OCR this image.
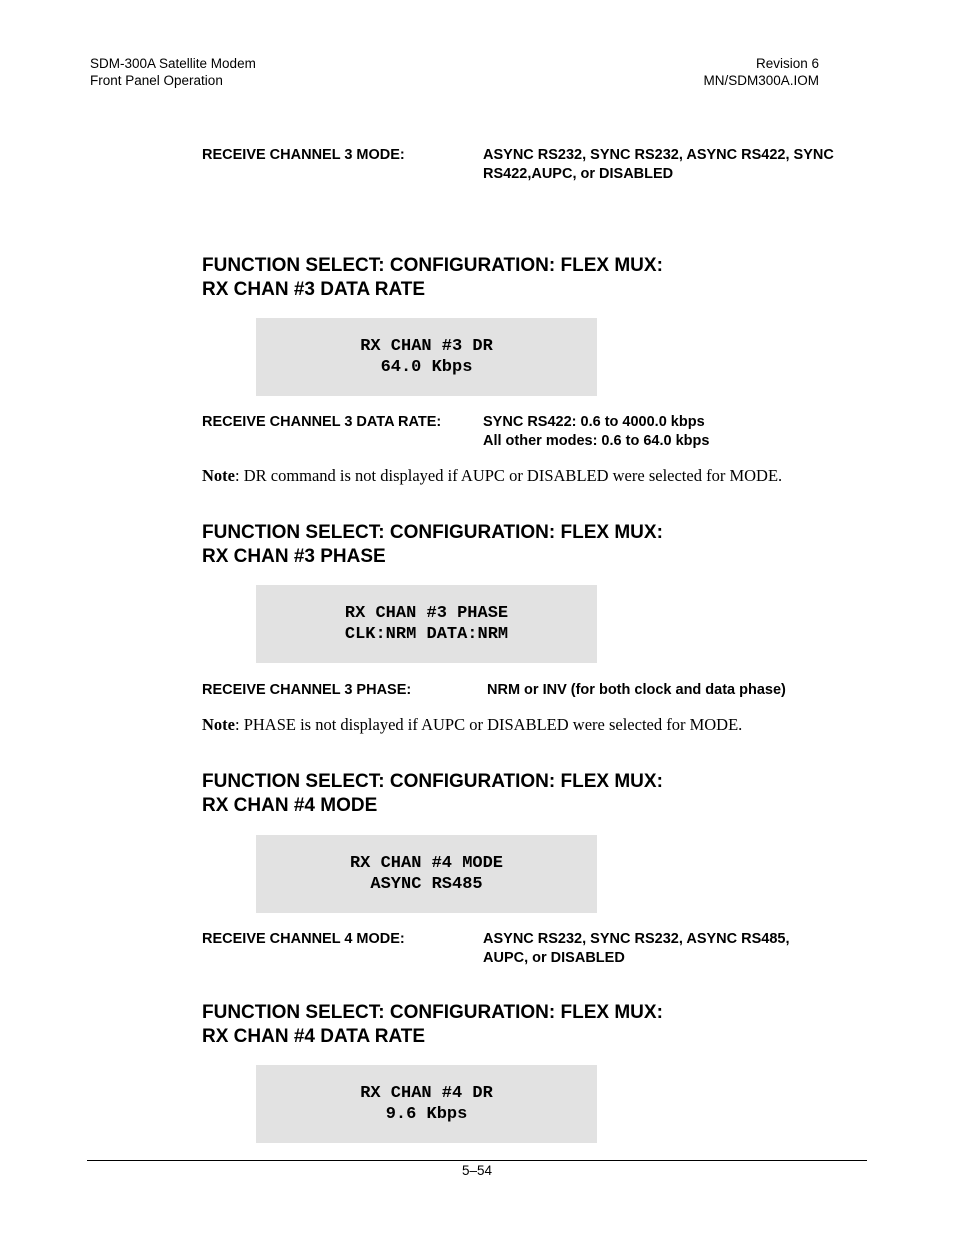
SDM-300A Satellite Modem
Front Panel Operation
Revision 6
MN/SDM300A.IOM
RECEIVE CHANNEL 3 MODE:	ASYNC RS232, SYNC RS232, ASYNC RS422, SYNC
RS422,AUPC, or DISABLED
FUNCTION SELECT: CONFIGURATION: FLEX MUX:
RX CHAN #3 DATA RATE
RX CHAN #3 DR
64.0 Kbps
RECEIVE CHANNEL 3 DATA RATE:	SYNC RS422: 0.6 to 4000.0 kbps
All other modes: 0.6 to 64.0 kbps
Note: DR command is not displayed if AUPC or DISABLED were selected for MODE.
FUNCTION SELECT: CONFIGURATION: FLEX MUX:
RX CHAN #3 PHASE
RX CHAN #3 PHASE
CLK:NRM DATA:NRM
RECEIVE CHANNEL 3 PHASE:	NRM or INV (for both clock and data phase)
Note: PHASE is not displayed if AUPC or DISABLED were selected for MODE.
FUNCTION SELECT: CONFIGURATION: FLEX MUX:
RX CHAN #4 MODE
RX CHAN #4 MODE
ASYNC RS485
RECEIVE CHANNEL 4 MODE:	ASYNC RS232, SYNC RS232, ASYNC RS485,
AUPC, or DISABLED
FUNCTION SELECT: CONFIGURATION: FLEX MUX:
RX CHAN #4 DATA RATE
RX CHAN #4 DR
9.6 Kbps
5–54
